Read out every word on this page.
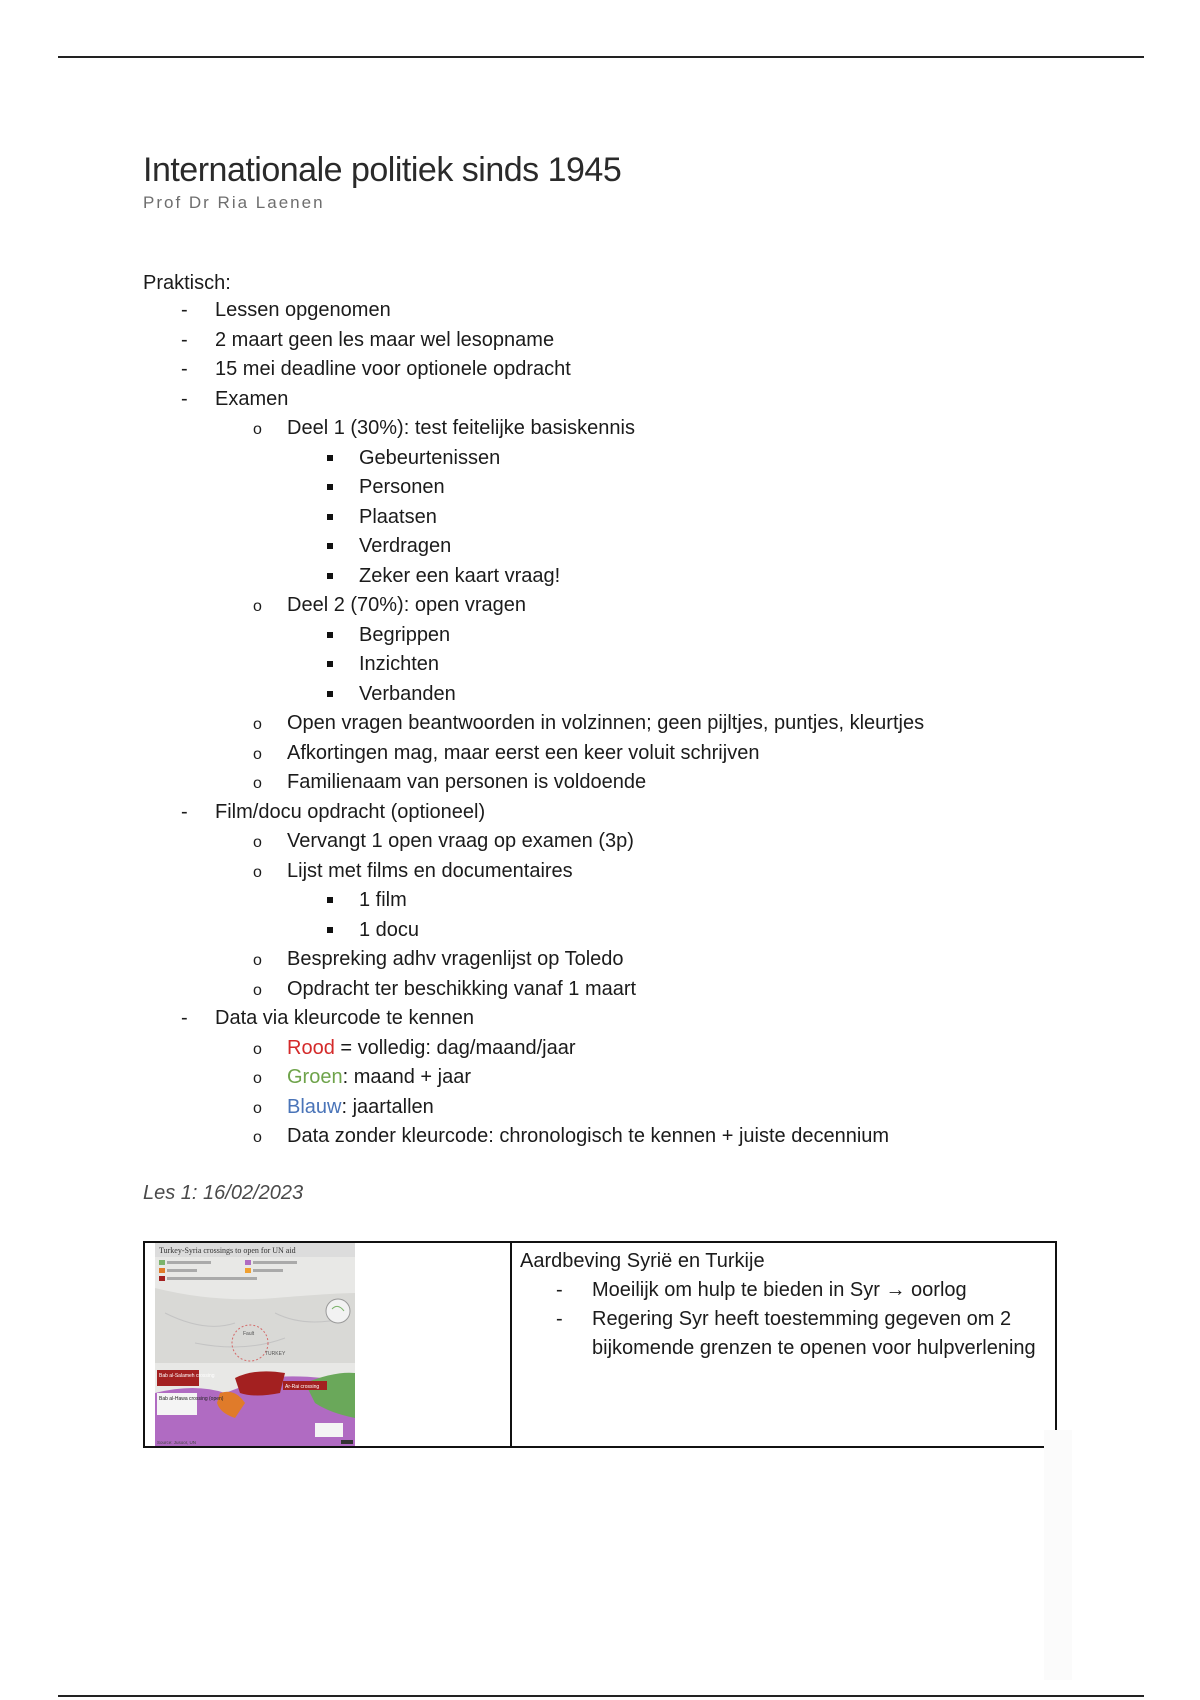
Internationale politiek sinds 1945
Prof Dr Ria Laenen
Praktisch:
- Lessen opgenomen
- 2 maart geen les maar wel lesopname
- 15 mei deadline voor optionele opdracht
- Examen
o Deel 1 (30%): test feitelijke basiskennis
Gebeurtenissen
Personen
Plaatsen
Verdragen
Zeker een kaart vraag!
o Deel 2 (70%): open vragen
Begrippen
Inzichten
Verbanden
o Open vragen beantwoorden in volzinnen; geen pijltjes, puntjes, kleurtjes
o Afkortingen mag, maar eerst een keer voluit schrijven
o Familienaam van personen is voldoende
- Film/docu opdracht (optioneel)
o Vervangt 1 open vraag op examen (3p)
o Lijst met films en documentaires
1 film
1 docu
o Bespreking adhv vragenlijst op Toledo
o Opdracht ter beschikking vanaf 1 maart
- Data via kleurcode te kennen
o Rood = volledig: dag/maand/jaar
o Groen: maand + jaar
o Blauw: jaartallen
o Data zonder kleurcode: chronologisch te kennen + juiste decennium
Les 1: 16/02/2023
Turkey-Syria crossings to open for UN aid
Fault
TURKEY
Bab al-Salameh crossing
Bab al-Hawa crossing (open)
Ar-Rai crossing
Source: Jusoor, UN
Aardbeving Syrië en Turkije
- Moeilijk om hulp te bieden in Syr → oorlog
- Regering Syr heeft toestemming gegeven om 2 bijkomende grenzen te openen voor hulpverlening
